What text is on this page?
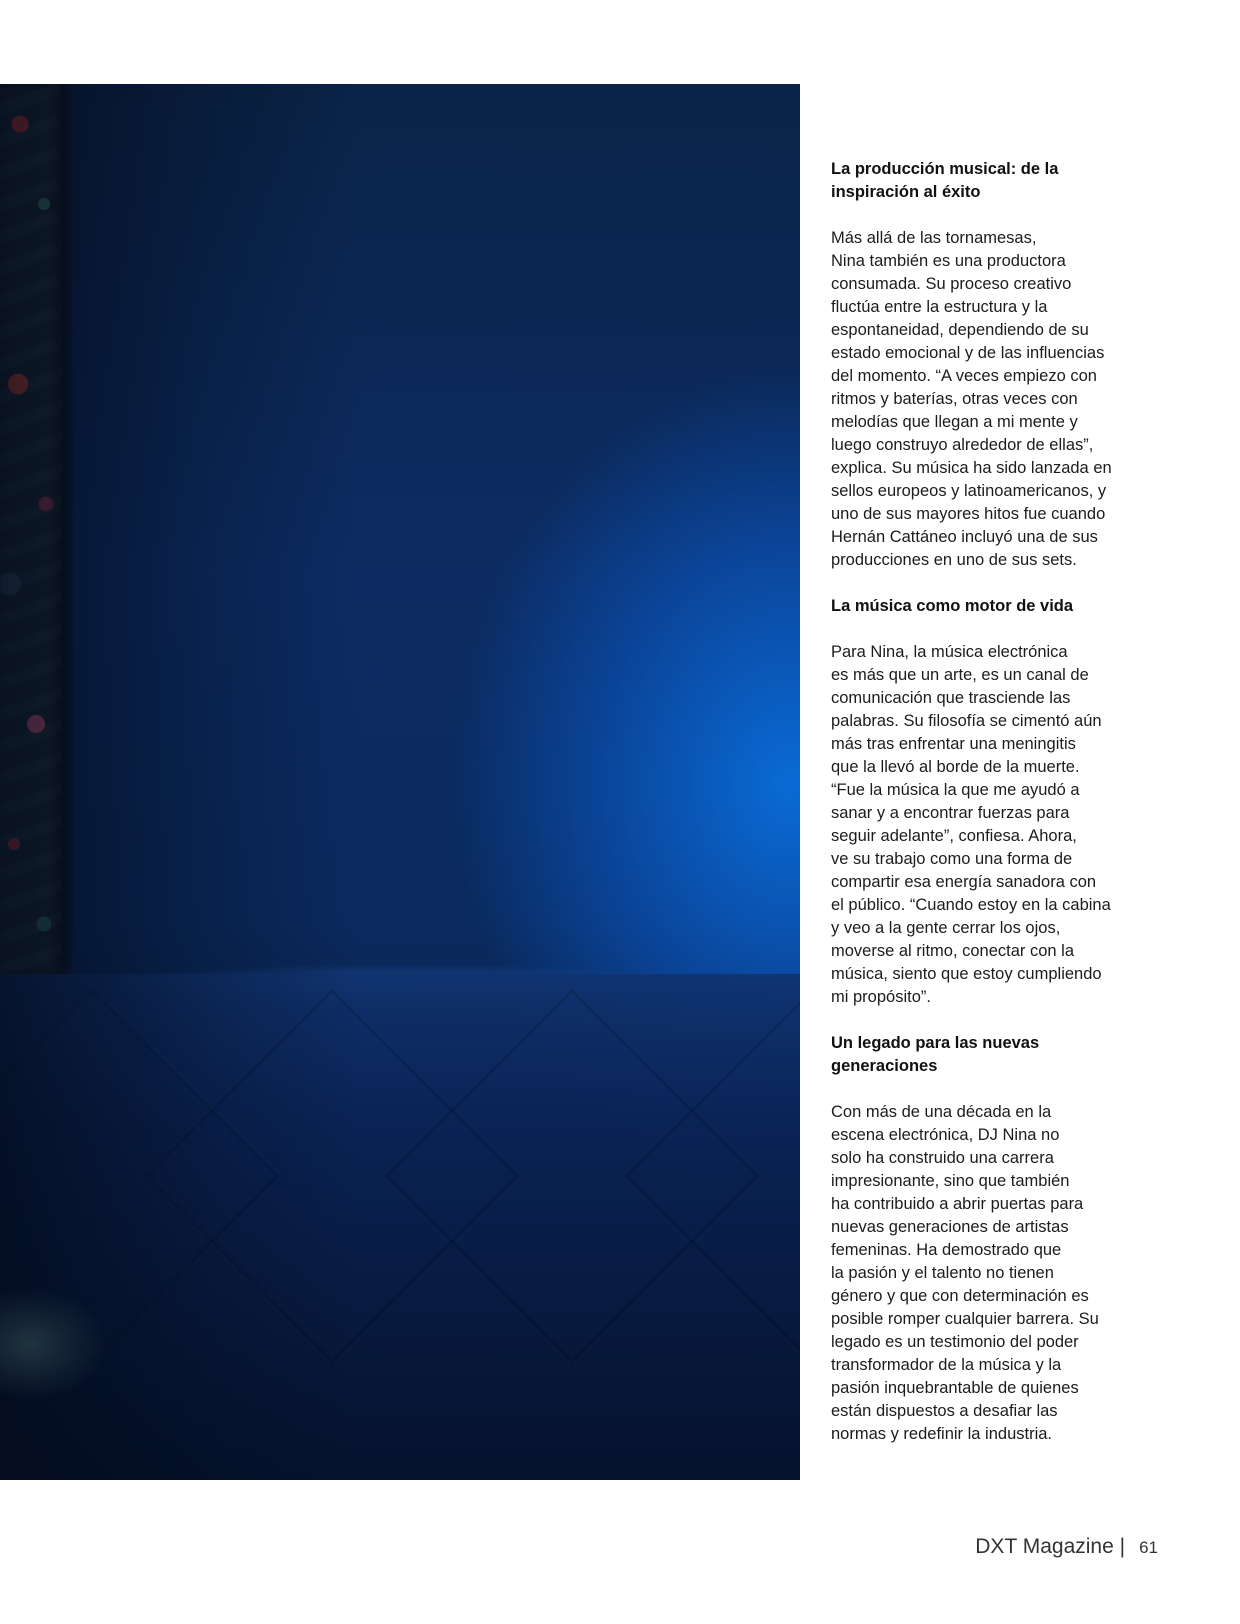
La producción musical: de la
inspiración al éxito

Más allá de las tornamesas,
Nina también es una productora
consumada. Su proceso creativo
fluctúa entre la estructura y la
espontaneidad, dependiendo de su
estado emocional y de las influencias
del momento. “A veces empiezo con
ritmos y baterías, otras veces con
melodías que llegan a mi mente y
luego construyo alrededor de ellas”,
explica. Su música ha sido lanzada en
sellos europeos y latinoamericanos, y
uno de sus mayores hitos fue cuando
Hernán Cattáneo incluyó una de sus
producciones en uno de sus sets.

La música como motor de vida

Para Nina, la música electrónica
es más que un arte, es un canal de
comunicación que trasciende las
palabras. Su filosofía se cimentó aún
más tras enfrentar una meningitis
que la llevó al borde de la muerte.
“Fue la música la que me ayudó a
sanar y a encontrar fuerzas para
seguir adelante”, confiesa. Ahora,
ve su trabajo como una forma de
compartir esa energía sanadora con
el público. “Cuando estoy en la cabina
y veo a la gente cerrar los ojos,
moverse al ritmo, conectar con la
música, siento que estoy cumpliendo
mi propósito”.

Un legado para las nuevas
generaciones

Con más de una década en la
escena electrónica, DJ Nina no
solo ha construido una carrera
impresionante, sino que también
ha contribuido a abrir puertas para
nuevas generaciones de artistas
femeninas. Ha demostrado que
la pasión y el talento no tienen
género y que con determinación es
posible romper cualquier barrera. Su
legado es un testimonio del poder
transformador de la música y la
pasión inquebrantable de quienes
están dispuestos a desafiar las
normas y redefinir la industria.

DXT Magazine | 61
